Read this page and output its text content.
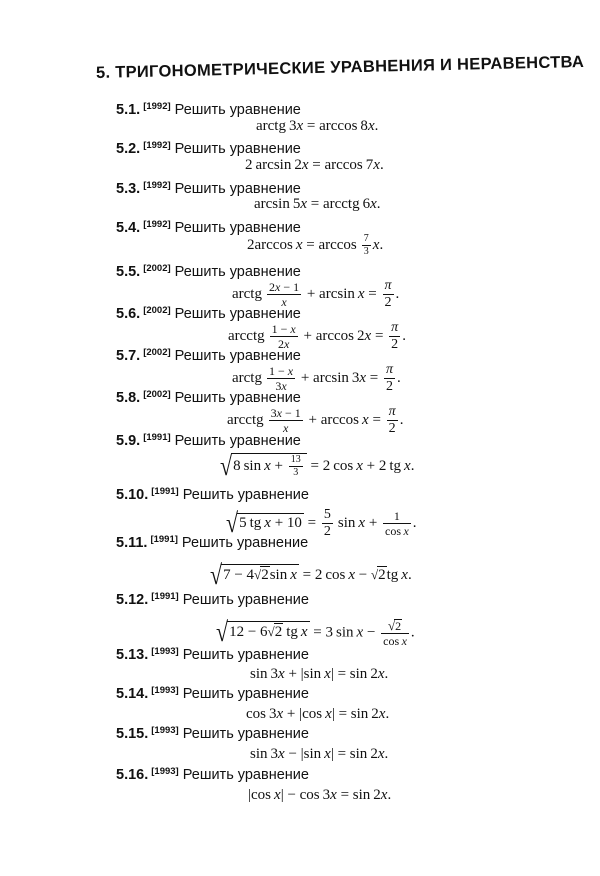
5. ТРИГОНОМЕТРИЧЕСКИЕ УРАВНЕНИЯ И НЕРАВЕНСТВА
5.1. [1992] Решить уравнение
arctg 3x = arccos 8x.
5.2. [1992] Решить уравнение
2 arcsin 2x = arccos 7x.
5.3. [1992] Решить уравнение
arcsin 5x = arcctg 6x.
5.4. [1992] Решить уравнение
2arccos $x = \arccos \frac{7}{3} x$.
5.5. [2002] Решить уравнение
arctg  $\frac{2x - 1}{x} + \arcsin x = \frac{\pi}{2}$ .
5.6. [2002] Решить уравнение
arcctg  $\frac{1 - x}{2x} + \arccos 2x = \frac{\pi}{2}$ .
5.7. [2002] Решить уравнение
arctg  $\frac{1 - x}{3x} + \arcsin 3x = \frac{\pi}{2}$ .
5.8. [2002] Решить уравнение
arcctg  $\frac{3x - 1}{x} + \arccos x = \frac{\pi}{2}$ .
5.9. [1991] Решить уравнение
√8 $\sin x + \frac{13}{3} = 2$ cos x + 2 tg x.
5.10. [1991] Решить уравнение
√5 tg $x + 10 = \frac{5}{2}$  $\sin x + \frac{1}{\text{cos x}}$ .
5.11. [1991] Решить уравнение
√7 − 4√2sin x = 2 cos x − √2tg x.
5.12. [1991] Решить уравнение
√12 − 6√2 tg x = 3 $\sin x - \frac{√2}{\text{cos x}}$ .
5.13. [1993] Решить уравнение
sin 3x + |sin x| = sin 2x.
5.14. [1993] Решить уравнение
cos 3x + |cos x| = sin 2x.
5.15. [1993] Решить уравнение
sin 3x − |sin x| = sin 2x.
5.16. [1993] Решить уравнение
|cos x| − cos 3x = sin 2x.
